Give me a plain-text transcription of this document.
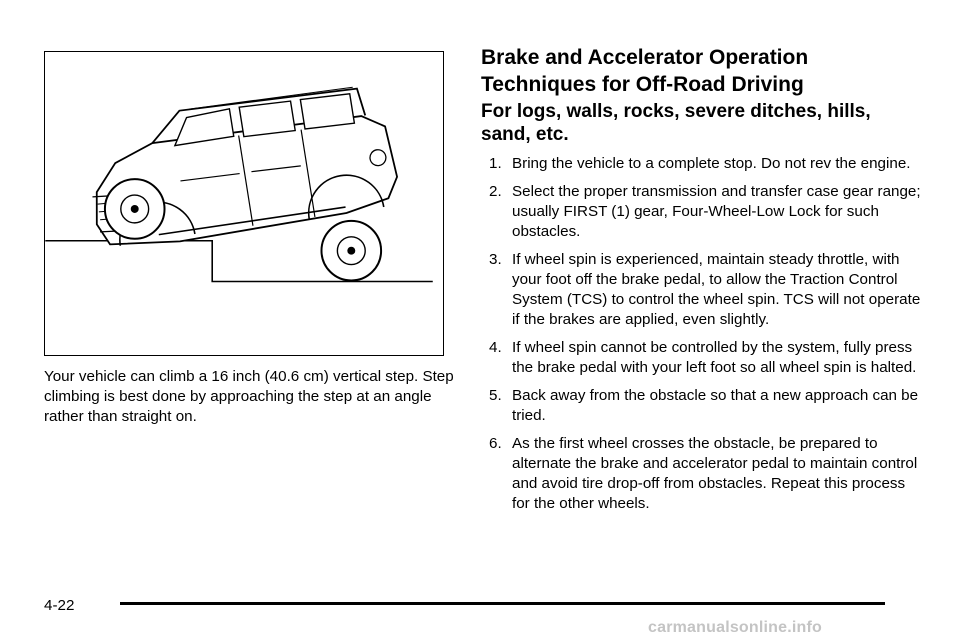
Your vehicle can climb a 16 inch (40.6 cm) vertical step. Step climbing is best done by approaching the step at an angle rather than straight on.

Brake and Accelerator Operation Techniques for Off-Road Driving
For logs, walls, rocks, severe ditches, hills, sand, etc.
1. Bring the vehicle to a complete stop. Do not rev the engine.
2. Select the proper transmission and transfer case gear range; usually FIRST (1) gear, Four-Wheel-Low Lock for such obstacles.
3. If wheel spin is experienced, maintain steady throttle, with your foot off the brake pedal, to allow the Traction Control System (TCS) to control the wheel spin. TCS will not operate if the brakes are applied, even slightly.
4. If wheel spin cannot be controlled by the system, fully press the brake pedal with your left foot so all wheel spin is halted.
5. Back away from the obstacle so that a new approach can be tried.
6. As the first wheel crosses the obstacle, be prepared to alternate the brake and accelerator pedal to maintain control and avoid tire drop-off from obstacles. Repeat this process for the other wheels.
4-22
carmanualsonline.info
